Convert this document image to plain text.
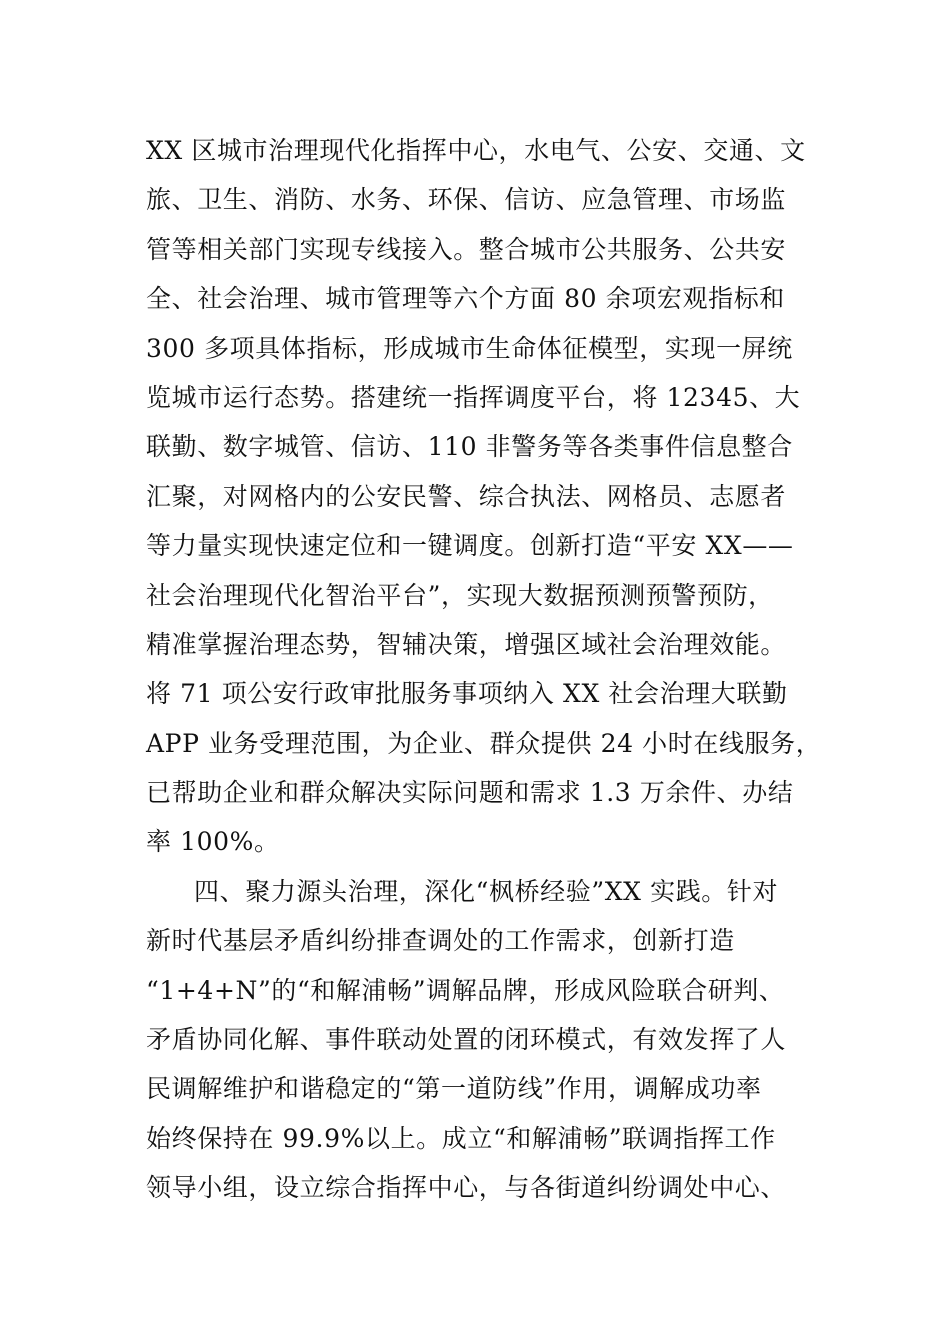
XX 区城市治理现代化指挥中心，水电气、公安、交通、文
旅、卫生、消防、水务、环保、信访、应急管理、市场监
管等相关部门实现专线接入。整合城市公共服务、公共安
全、社会治理、城市管理等六个方面 80 余项宏观指标和
300 多项具体指标，形成城市生命体征模型，实现一屏统
览城市运行态势。搭建统一指挥调度平台，将 12345、大
联勤、数字城管、信访、110 非警务等各类事件信息整合
汇聚，对网格内的公安民警、综合执法、网格员、志愿者
等力量实现快速定位和一键调度。创新打造“平安 XX——
社会治理现代化智治平台”，实现大数据预测预警预防，
精准掌握治理态势，智辅决策，增强区域社会治理效能。
将 71 项公安行政审批服务事项纳入 XX 社会治理大联勤
APP 业务受理范围，为企业、群众提供 24 小时在线服务，
已帮助企业和群众解决实际问题和需求 1.3 万余件、办结
率 100%。
四、聚力源头治理，深化“枫桥经验”XX 实践。针对
新时代基层矛盾纠纷排查调处的工作需求，创新打造
“1+4+N”的“和解浦畅”调解品牌，形成风险联合研判、
矛盾协同化解、事件联动处置的闭环模式，有效发挥了人
民调解维护和谐稳定的“第一道防线”作用，调解成功率
始终保持在 99.9%以上。成立“和解浦畅”联调指挥工作
领导小组，设立综合指挥中心，与各街道纠纷调处中心、
